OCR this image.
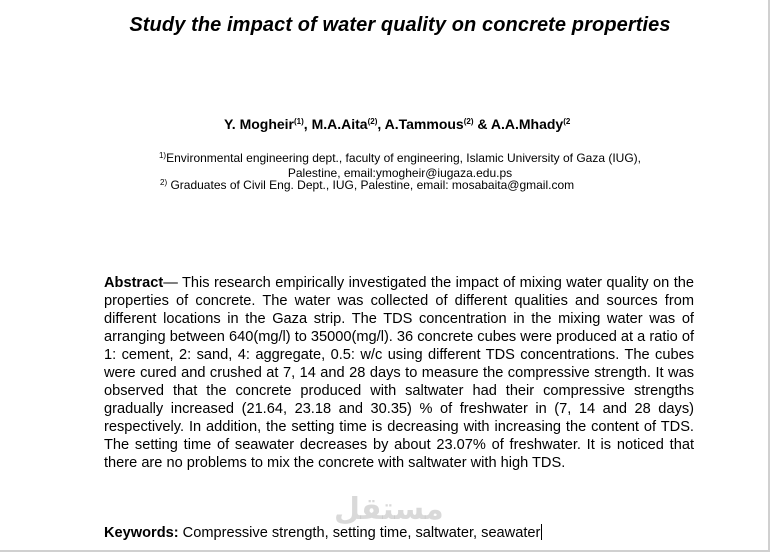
Study the impact of water quality on concrete properties
Y. Mogheir$^{(1)}$, M.A.Aita$^{(2)}$, A.Tammous$^{(2)}$ & A.A.Mhady$^{(2}$
$^{1)}$Environmental engineering dept., faculty of engineering, Islamic University of Gaza (IUG), Palestine, email:ymogheir@iugaza.edu.ps
$^{2)}$ Graduates of Civil Eng. Dept., IUG, Palestine, email: mosabaita@gmail.com
Abstract— This research empirically investigated the impact of mixing water quality on the properties of concrete. The water was collected of different qualities and sources from different locations in the Gaza strip. The TDS concentration in the mixing water was of arranging between 640(mg/l) to 35000(mg/l). 36 concrete cubes were produced at a ratio of 1: cement, 2: sand, 4: aggregate, 0.5: w/c using different TDS concentrations. The cubes were cured and crushed at 7, 14 and 28 days to measure the compressive strength. It was observed that the concrete produced with saltwater had their compressive strengths gradually increased (21.64, 23.18 and 30.35) % of freshwater in (7, 14 and 28 days) respectively. In addition, the setting time is decreasing with increasing the content of TDS. The setting time of seawater decreases by about 23.07% of freshwater. It is noticed that there are no problems to mix the concrete with saltwater with high TDS.
Keywords: Compressive strength, setting time, saltwater, seawater
مستقل
